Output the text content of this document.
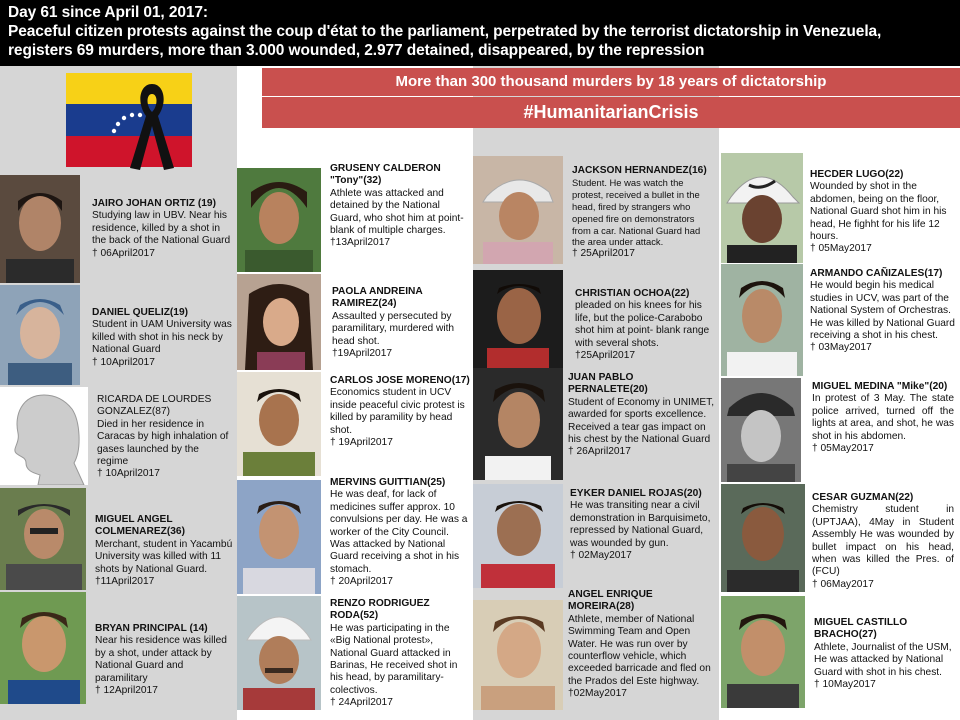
Day 61 since April 01, 2017:
Peaceful citizen protests against the coup d'état to the parliament, perpetrated by the terrorist dictatorship in Venezuela,
registers 69 murders, more than 3.000 wounded, 2.977 detained, disappeared, by the repression
More than 300 thousand murders by 18 years of dictatorship
#HumanitarianCrisis
JAIRO JOHAN ORTIZ (19)
Studying law in UBV. Near his residence, killed by a shot in the back of the National Guard
† 06April2017
DANIEL QUELIZ(19)
Student in UAM University was killed with shot in his neck by National Guard
† 10April2017
RICARDA DE LOURDES GONZALEZ(87)
Died in her residence in Caracas by high inhalation of gases launched by the regime
† 10April2017
MIGUEL ANGEL COLMENAREZ(36)
Merchant, student in Yacambú University was killed with 11 shots by National Guard.
†11April2017
BRYAN PRINCIPAL (14)
Near his residence was killed by a shot, under attack by National Guard and paramilitary
† 12April2017
GRUSENY CALDERON "Tony"(32)
Athlete was attacked and detained by the National Guard, who shot him at point-blank of multiple charges.
†13April2017
PAOLA ANDREINA RAMIREZ(24)
Assaulted y persecuted by paramilitary, murdered with head shot.
†19April2017
CARLOS JOSE MORENO(17)
Economics student in UCV inside peaceful civic protest is killed by paramility by head shot.
† 19April2017
MERVINS GUITTIAN(25)
He was deaf, for lack of medicines suffer approx. 10 convulsions per day. He was a worker of the City Council. Was attacked by National Guard receiving a shot in his stomach.
† 20April2017
RENZO RODRIGUEZ RODA(52)
He was participating in the «Big National protest», National Guard attacked in Barinas, He received shot in his head, by paramilitary-colectivos.
† 24April2017
JACKSON HERNANDEZ(16)
Student. He was watch the protest, received a bullet in the head, fired by strangers who opened fire on demonstrators from a car. National Guard had the area under attack.
† 25April2017
CHRISTIAN OCHOA(22)
pleaded on his knees for his life, but the police-Carabobo shot him at point- blank range with several shots.
†25April2017
JUAN PABLO PERNALETE(20)
Student of Economy in UNIMET, awarded for sports excellence. Received a tear gas impact on his chest by the National Guard
† 26April2017
EYKER DANIEL ROJAS(20)
He was transiting near a civil demonstration in Barquisimeto, repressed by National Guard, was wounded by gun.
† 02May2017
ANGEL ENRIQUE MOREIRA(28)
Athlete, member of National Swimming Team and Open Water. He was run over by counterflow vehicle, which exceeded barricade and fled on the Prados del Este highway.
†02May2017
HECDER LUGO(22)
Wounded by shot in the abdomen, being on the floor, National Guard shot him in his head, He fighht for his life 12 hours.
† 05May2017
ARMANDO CAÑIZALES(17)
He would begin his medical studies in UCV, was part of the National System of Orchestras. He was killed by National Guard receiving a shot in his chest.
† 03May2017
MIGUEL MEDINA "Mike"(20)
In protest of 3 May. The state police arrived, turned off the lights at area, and shot, he was shot in his abdomen.
† 05May2017
CESAR GUZMAN(22)
Chemistry student in (UPTJAA), 4May in Student Assembly He was wounded by bullet impact on his head, when was killed the Pres. of (FCU)
† 06May2017
MIGUEL CASTILLO BRACHO(27)
Athlete, Journalist of the USM, He was attacked by National Guard with shot in his chest.
† 10May2017
